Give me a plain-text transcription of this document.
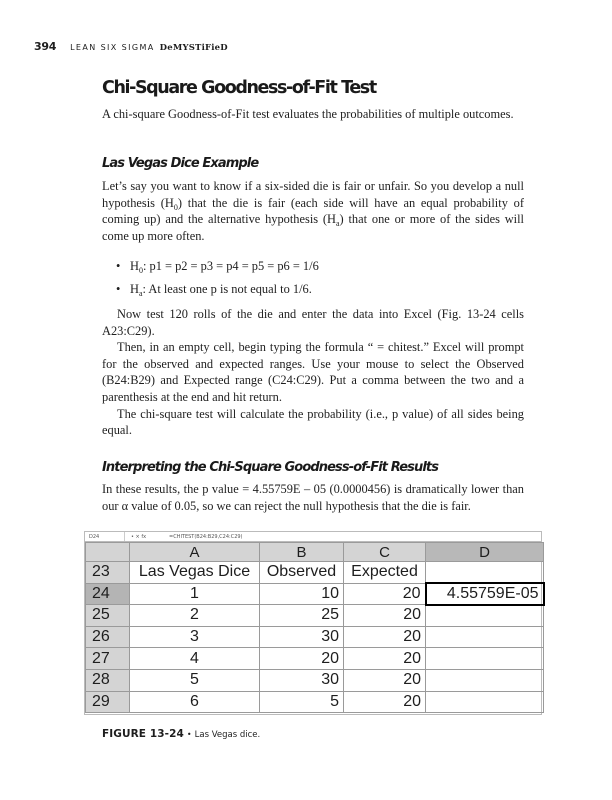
394 LEAN SIX SIGMA DeMYSTiFieD
Chi-Square Goodness-of-Fit Test

A chi-square Goodness-of-Fit test evaluates the probabilities of multiple outcomes.

Las Vegas Dice Example

Let’s say you want to know if a six-sided die is fair or unfair. So you develop a null hypothesis $(H_0)$ that the die is fair (each side will have an equal probability of coming up) and the alternative hypothesis $(H_a)$ that one or more of the sides will come up more often.

• $H_0$: p1 = p2 = p3 = p4 = p5 = p6 = 1/6
• $H_a$: At least one p is not equal to 1/6.

Now test 120 rolls of the die and enter the data into Excel (Fig. 13-24 cells A23:C29).

Then, in an empty cell, begin typing the formula “ = chitest.” Excel will prompt for the observed and expected ranges. Use your mouse to select the Observed (B24:B29) and Expected range (C24:C29). Put a comma between the two and a parenthesis at the end and hit return.

The chi-square test will calculate the probability (i.e., p value) of all sides being equal.

Interpreting the Chi-Square Goodness-of-Fit Results

In these results, the p value = 4.55759E – 05 (0.0000456) is dramatically lower than our α value of 0.05, so we can reject the null hypothesis that the die is fair.

D24	• × fx	=CHITEST(B24:B29,C24:C29)
	A	B	C	D
23	Las Vegas Dice	Observed	Expected	
24	1	10	20	4.55759E-05
25	2	25	20	
26	3	30	20	
27	4	20	20	
28	5	30	20	
29	6	5	20	
FIGURE 13-24 • Las Vegas dice.
